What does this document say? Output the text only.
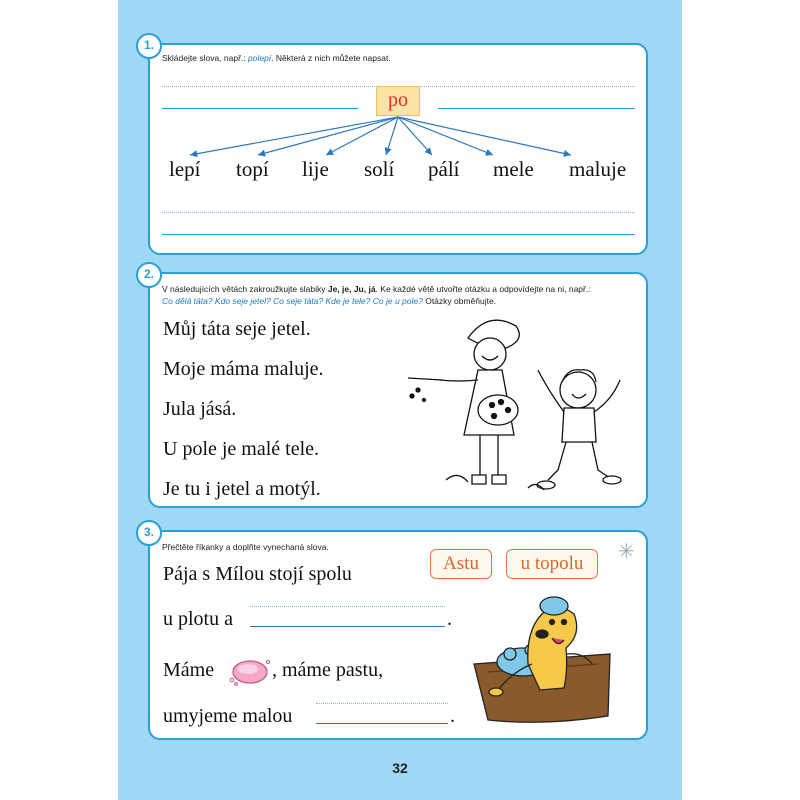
1.
Skládejte slova, např.: polepí. Některá z nich můžete napsat.
po
lepí topí lije solí pálí mele maluje
2.
V následujících větách zakroužkujte slabiky Je, je, Ju, já. Ke každé větě utvořte otázku a odpovídejte na ni, např.:
Co dělá táta? Kdo seje jetel? Co seje táta? Kde je tele? Co je u pole? Otázky obměňujte.
Můj táta seje jetel.
Moje máma maluje.
Jula jásá.
U pole je malé tele.
Je tu i jetel a motýl.
3.
Přečtěte říkanky a doplňte vynechaná slova.
Astu	u topolu
✳
Pája s Mílou stojí spolu
u plotu a	.
Máme	, máme pastu,
umyjeme malou	.
32
